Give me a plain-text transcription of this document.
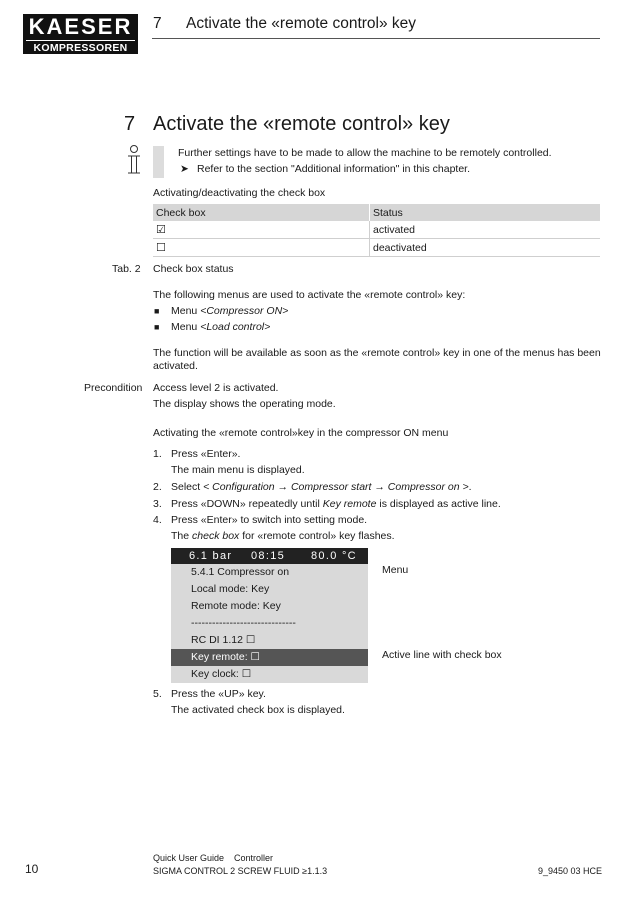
KAESER
KOMPRESSOREN
7 Activate the «remote control» key
7 Activate the «remote control» key
Further settings have to be made to allow the machine to be remotely controlled.
➤ Refer to the section "Additional information" in this chapter.
Activating/deactivating the check box
Check box	Status
☑	activated
☐	deactivated
Tab. 2 Check box status
The following menus are used to activate the «remote control» key:
■ Menu <Compressor ON>
■ Menu <Load control>
The function will be available as soon as the «remote control» key in one of the menus has been
activated.
Precondition Access level 2 is activated.
The display shows the operating mode.
Activating the «remote control»key in the compressor ON menu
1. Press «Enter».
The main menu is displayed.
2. Select < Configuration → Compressor start → Compressor on >.
3. Press «DOWN» repeatedly until Key remote is displayed as active line.
4. Press «Enter» to switch into setting mode.
The check box for «remote control» key flashes.
6.1 bar 08:15 80.0 °C
5.4.1 Compressor on
Local mode: Key
Remote mode: Key
------------------------------
RC DI 1.12 ☐
Key remote: ☐
Key clock: ☐
Menu
Active line with check box
5. Press the «UP» key.
The activated check box is displayed.
10
Quick User Guide    Controller
SIGMA CONTROL 2 SCREW FLUID ≥1.1.3	9_9450 03 HCE
